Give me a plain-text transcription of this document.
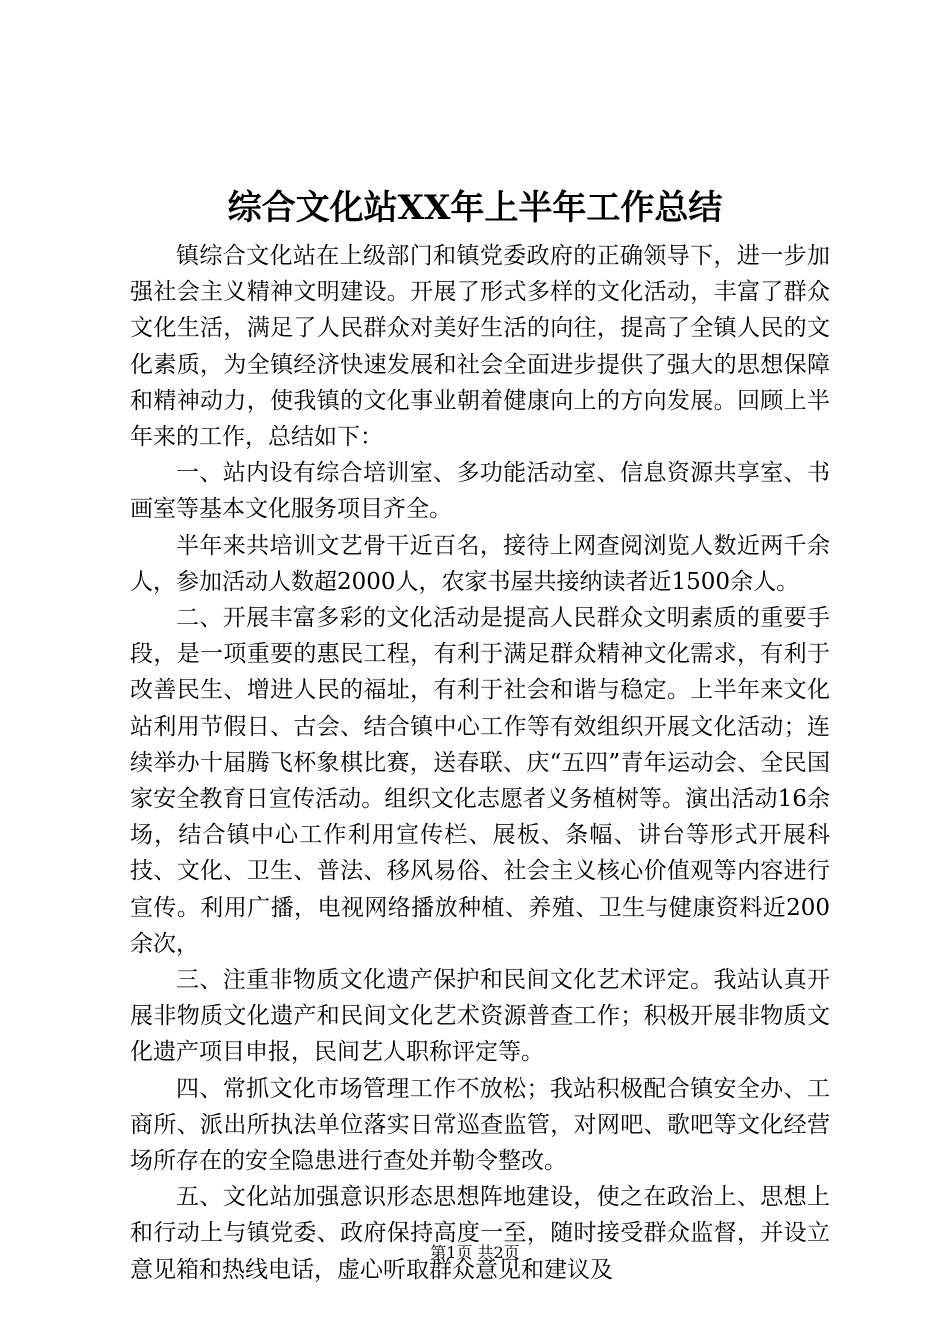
综合文化站XX年上半年工作总结

镇综合文化站在上级部门和镇党委政府的正确领导下，进一步加强社会主义精神文明建设。开展了形式多样的文化活动，丰富了群众文化生活，满足了人民群众对美好生活的向往，提高了全镇人民的文化素质，为全镇经济快速发展和社会全面进步提供了强大的思想保障和精神动力，使我镇的文化事业朝着健康向上的方向发展。回顾上半年来的工作，总结如下：

一、站内设有综合培训室、多功能活动室、信息资源共享室、书画室等基本文化服务项目齐全。

半年来共培训文艺骨干近百名，接待上网查阅浏览人数近两千余人，参加活动人数超2000人，农家书屋共接纳读者近1500余人。

二、开展丰富多彩的文化活动是提高人民群众文明素质的重要手段，是一项重要的惠民工程，有利于满足群众精神文化需求，有利于改善民生、增进人民的福址，有利于社会和谐与稳定。上半年来文化站利用节假日、古会、结合镇中心工作等有效组织开展文化活动；连续举办十届腾飞杯象棋比赛，送春联、庆“五四”青年运动会、全民国家安全教育日宣传活动。组织文化志愿者义务植树等。演出活动16余场，结合镇中心工作利用宣传栏、展板、条幅、讲台等形式开展科技、文化、卫生、普法、移风易俗、社会主义核心价值观等内容进行宣传。利用广播，电视网络播放种植、养殖、卫生与健康资料近200余次，

三、注重非物质文化遗产保护和民间文化艺术评定。我站认真开展非物质文化遗产和民间文化艺术资源普查工作；积极开展非物质文化遗产项目申报，民间艺人职称评定等。

四、常抓文化市场管理工作不放松；我站积极配合镇安全办、工商所、派出所执法单位落实日常巡查监管，对网吧、歌吧等文化经营场所存在的安全隐患进行查处并勒令整改。

五、文化站加强意识形态思想阵地建设，使之在政治上、思想上和行动上与镇党委、政府保持高度一至，随时接受群众监督，并设立意见箱和热线电话，虚心听取群众意见和建议及

第1页 共2页
